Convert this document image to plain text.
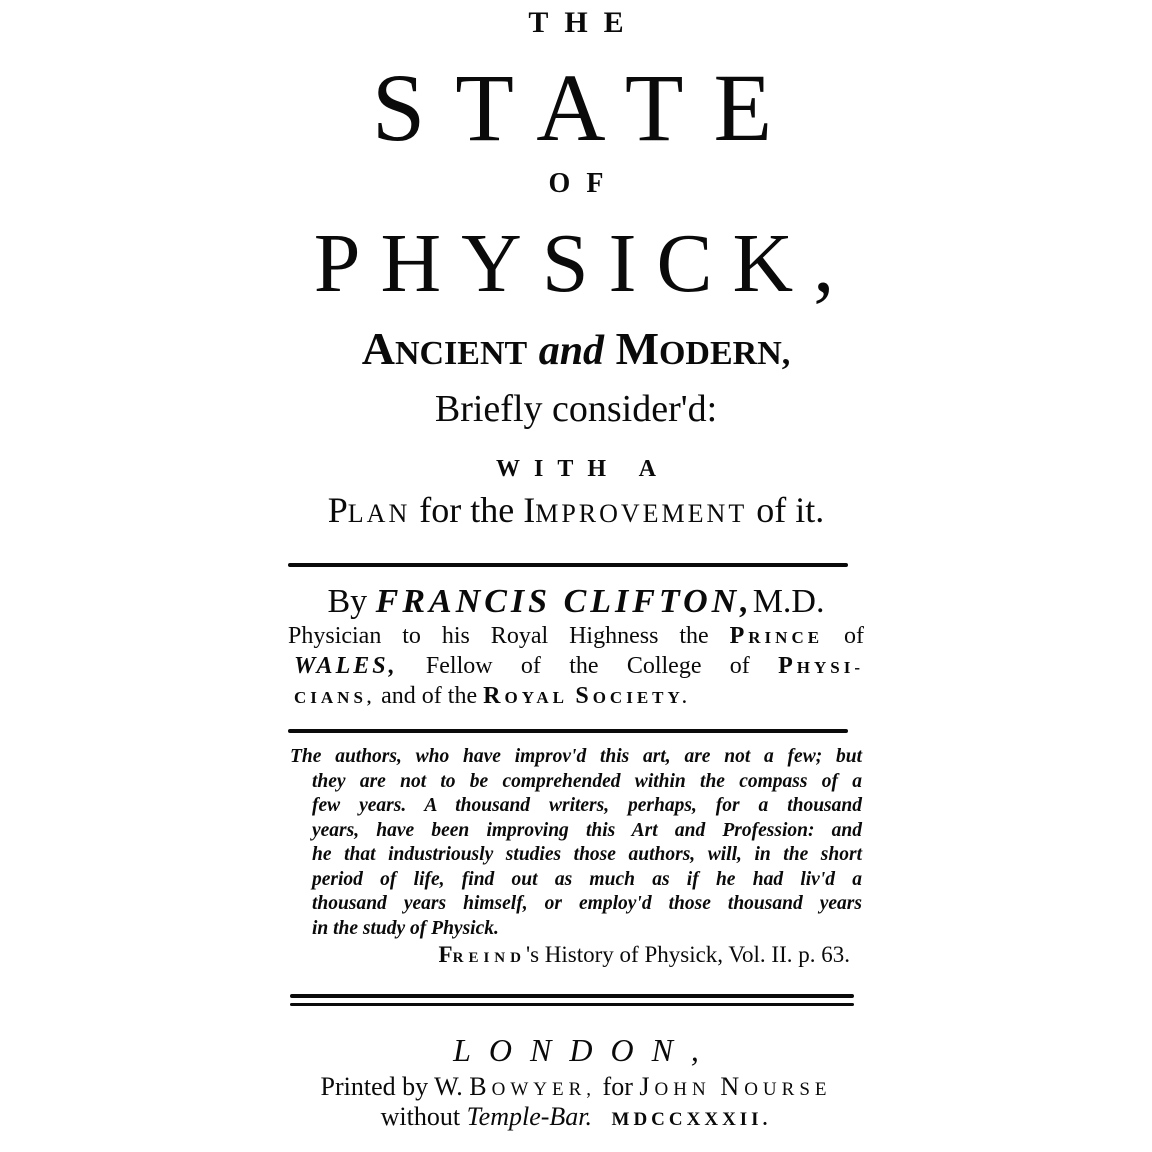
THE
STATE
OF
PHYSICK,
ANCIENT and MODERN,
Briefly consider'd:
WITH A
PLAN for the IMPROVEMENT of it.
By FRANCIS CLIFTON,M.D.
Physician to his Royal Highness the PRINCE of
WALES, Fellow of the College of PHYSI-
CIANS, and of the ROYAL SOCIETY.
The authors, who have improv'd this art, are not a few; but
they are not to be comprehended within the compass of a
few years. A thousand writers, perhaps, for a thousand
years, have been improving this Art and Profession: and
he that industriously studies those authors, will, in the short
period of life, find out as much as if he had liv'd a
thousand years himself, or employ'd those thousand years
in the study of Physick.
FREIND's History of Physick, Vol. II. p. 63.
LONDON,
Printed by W. BOWYER, for JOHN NOURSE
without Temple-Bar. MDCCXXXII.
